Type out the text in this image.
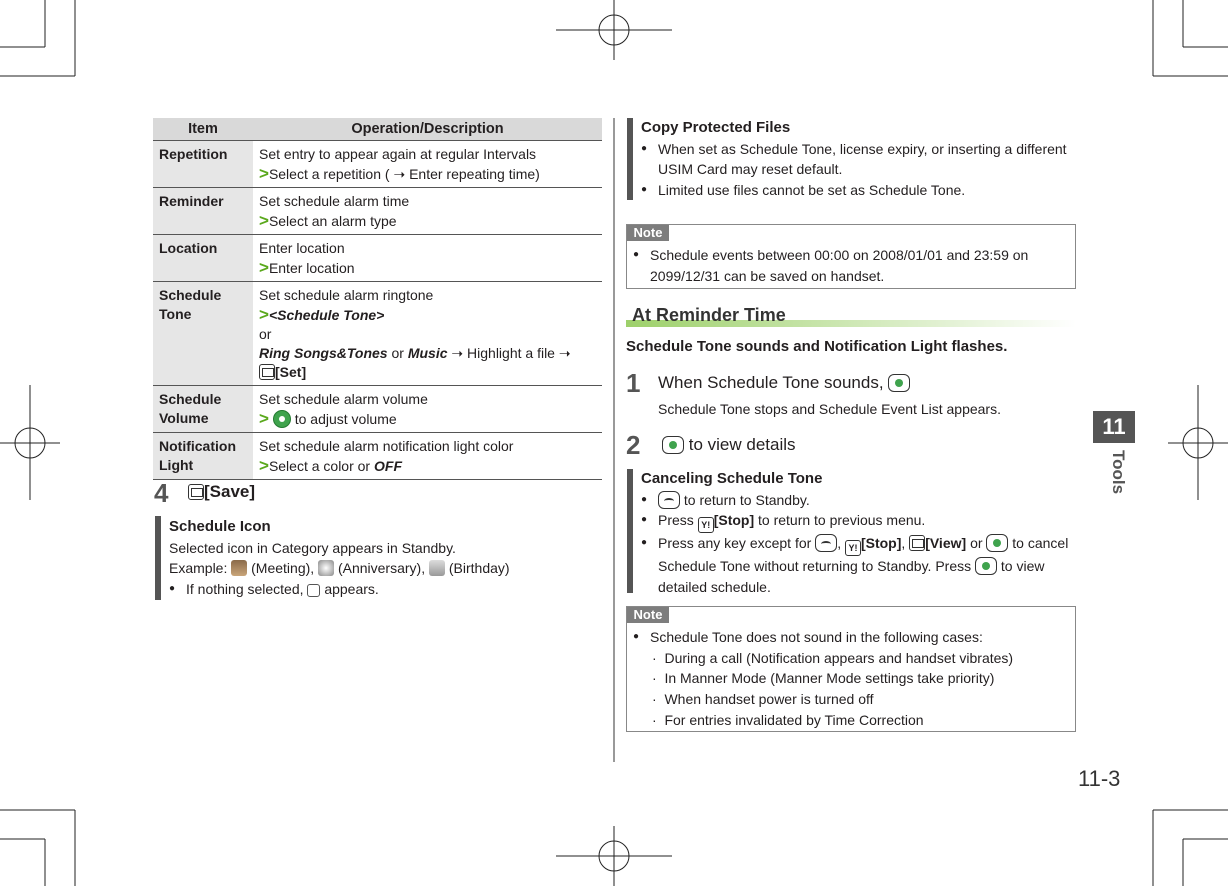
Item	Operation/Description
Repetition	Set entry to appear again at regular Intervals
>Select a repetition ( ➝ Enter repeating time)
Reminder	Set schedule alarm time
>Select an alarm type
Location	Enter location
>Enter location
Schedule
Tone	Set schedule alarm ringtone
><Schedule Tone>
or
Ring Songs&Tones or Music ➝ Highlight a file ➝
[Set]
Schedule
Volume	Set schedule alarm volume
> to adjust volume
Notification
Light	Set schedule alarm notification light color
>Select a color or OFF
4	[Save]
Schedule Icon
Selected icon in Category appears in Standby.
Example: (Meeting), (Anniversary), (Birthday)
● If nothing selected, appears.
Copy Protected Files
● When set as Schedule Tone, license expiry, or inserting a different
USIM Card may reset default.
● Limited use files cannot be set as Schedule Tone.
Note
● Schedule events between 00:00 on 2008/01/01 and 23:59 on
2099/12/31 can be saved on handset.
At Reminder Time
Schedule Tone sounds and Notification Light flashes.
1 When Schedule Tone sounds,
Schedule Tone stops and Schedule Event List appears.
2	to view details
Canceling Schedule Tone
●	to return to Standby.
● Press Y! [Stop] to return to previous menu.
● Press any key except for , Y! [Stop], [View] or to cancel
Schedule Tone without returning to Standby. Press to view
detailed schedule.
Note
● Schedule Tone does not sound in the following cases:
· During a call (Notification appears and handset vibrates)
· In Manner Mode (Manner Mode settings take priority)
· When handset power is turned off
· For entries invalidated by Time Correction
11
Tools
11-3
